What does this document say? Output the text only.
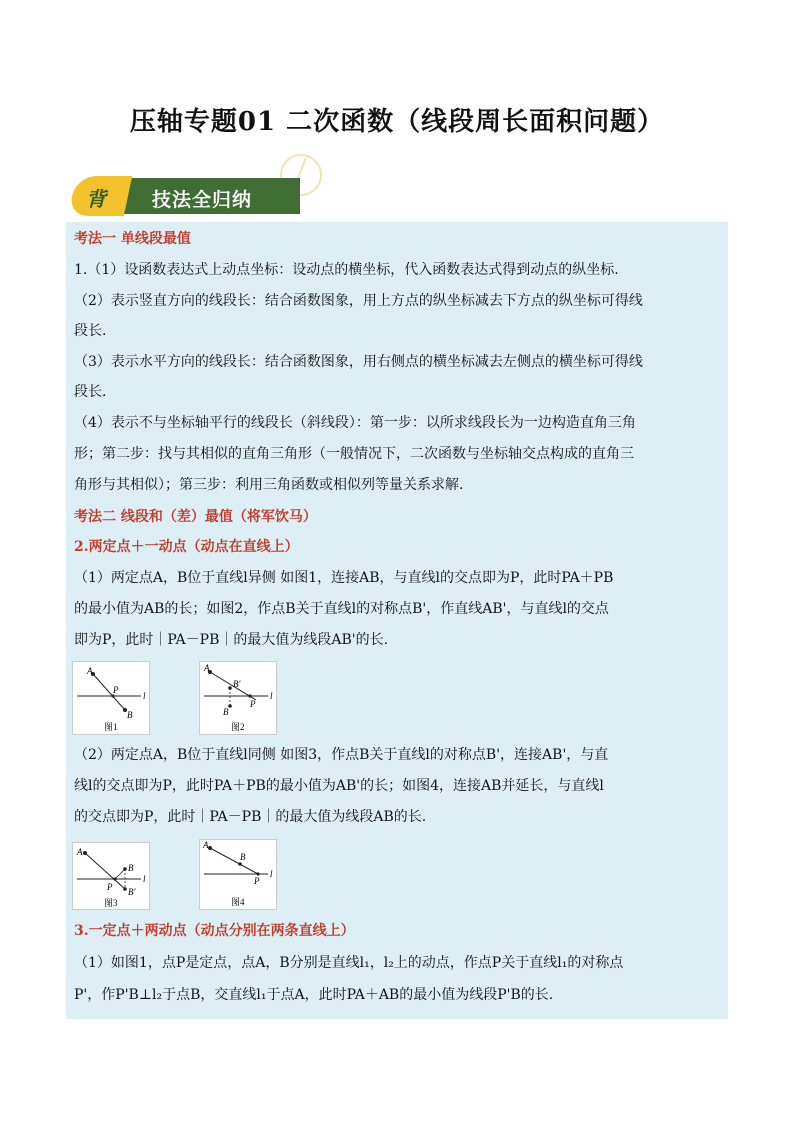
压轴专题01 二次函数（线段周长面积问题）
背 技法全归纳
考法一 单线段最值
1.（1）设函数表达式上动点坐标：设动点的横坐标，代入函数表达式得到动点的纵坐标.
（2）表示竖直方向的线段长：结合函数图象，用上方点的纵坐标减去下方点的纵坐标可得线
段长.
（3）表示水平方向的线段长：结合函数图象，用右侧点的横坐标减去左侧点的横坐标可得线
段长.
（4）表示不与坐标轴平行的线段长（斜线段）：第一步：以所求线段长为一边构造直角三角
形；第二步：找与其相似的直角三角形（一般情况下，二次函数与坐标轴交点构成的直角三
角形与其相似）；第三步：利用三角函数或相似列等量关系求解.
考法二 线段和（差）最值（将军饮马）
2.两定点＋一动点（动点在直线上）
（1）两定点A，B位于直线l异侧 如图1，连接AB，与直线l的交点即为P，此时PA＋PB
的最小值为AB的长；如图2，作点B关于直线l的对称点B'，作直线AB'，与直线l的交点
即为P，此时｜PA－PB｜的最大值为线段AB'的长.
A
P
B
l
图1
A
B'
P
B
l
图2
（2）两定点A，B位于直线l同侧 如图3，作点B关于直线l的对称点B'，连接AB'，与直
线l的交点即为P，此时PA＋PB的最小值为AB'的长；如图4，连接AB并延长，与直线l
的交点即为P，此时｜PA－PB｜的最大值为线段AB的长.
A
B
P B'
l
图3
A
B
P
l
图4
3.一定点＋两动点（动点分别在两条直线上）
（1）如图1，点P是定点，点A，B分别是直线l₁，l₂上的动点，作点P关于直线l₁的对称点
P'，作P'B⊥l₂于点B，交直线l₁于点A，此时PA＋AB的最小值为线段P'B的长.
